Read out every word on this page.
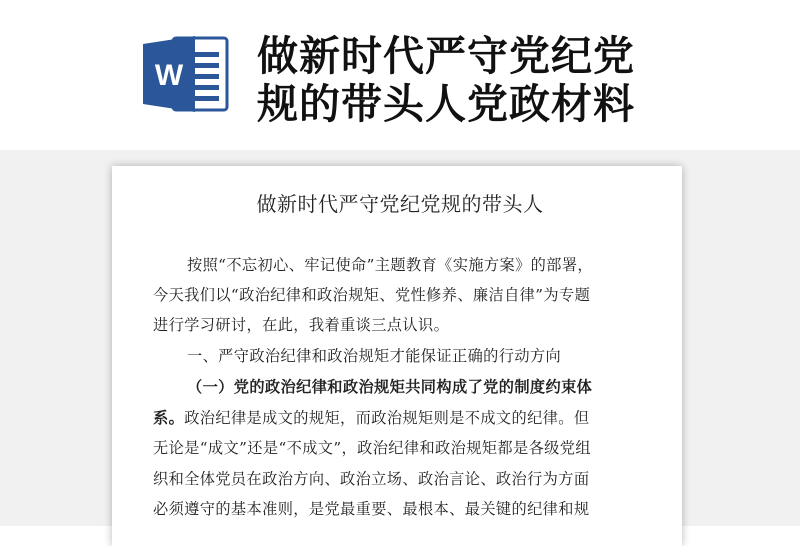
W 做新时代严守党纪党
规的带头人党政材料
做新时代严守党纪党规的带头人
按照“不忘初心、牢记使命”主题教育《实施方案》的部署，
今天我们以“政治纪律和政治规矩、党性修养、廉洁自律”为专题
进行学习研讨，在此，我着重谈三点认识。
一、严守政治纪律和政治规矩才能保证正确的行动方向
（一）党的政治纪律和政治规矩共同构成了党的制度约束体
系。政治纪律是成文的规矩，而政治规矩则是不成文的纪律。但
无论是“成文”还是“不成文”，政治纪律和政治规矩都是各级党组
织和全体党员在政治方向、政治立场、政治言论、政治行为方面
必须遵守的基本准则，是党最重要、最根本、最关键的纪律和规
